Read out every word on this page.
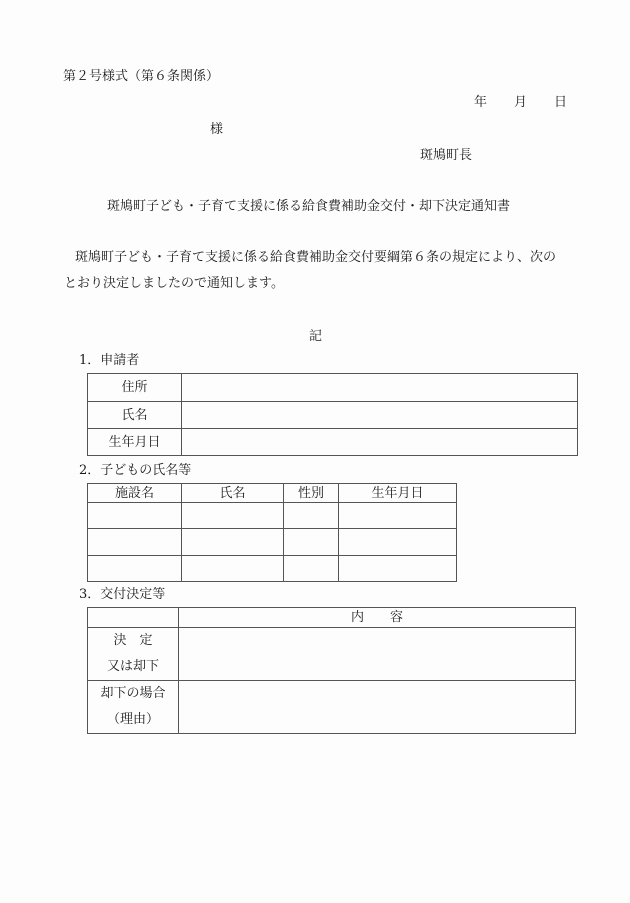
第２号様式（第６条関係）
年 月 日
様
斑鳩町長
斑鳩町子ども・子育て支援に係る給食費補助金交付・却下決定通知書
斑鳩町子ども・子育て支援に係る給食費補助金交付要綱第６条の規定により、次の
とおり決定しましたので通知します。
記
1．申請者
住所	
氏名	
生年月日	
2．子どもの氏名等
施設名	氏名	性別	生年月日

3．交付決定等
	内　　容

決　定
又は却下	

却下の場合
（理由）	
